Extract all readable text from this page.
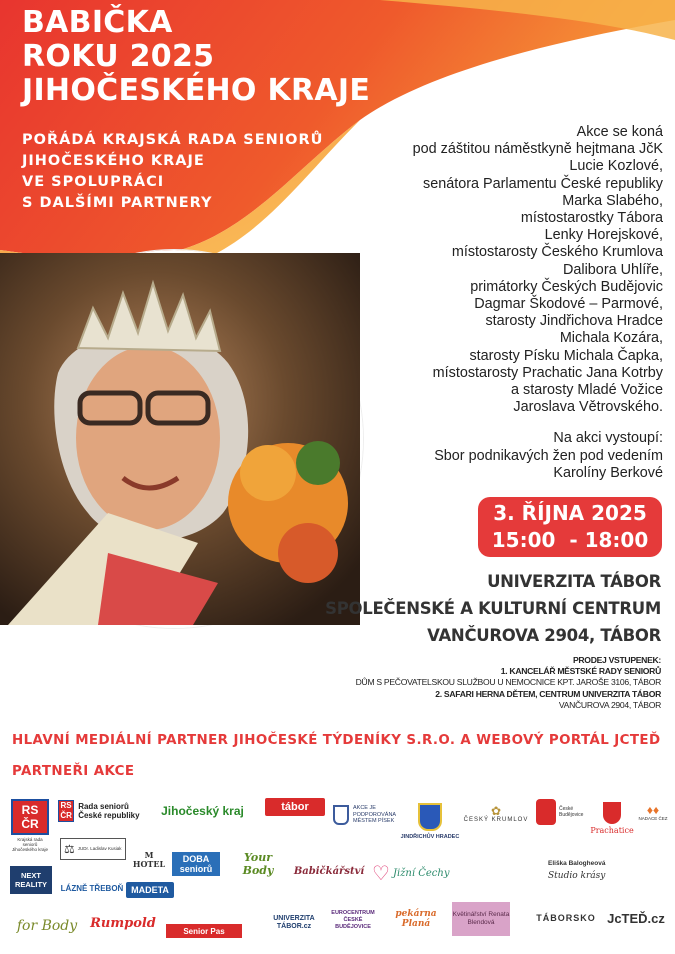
BABIČKA
ROKU 2025
JIHOČESKÉHO KRAJE
POŘÁDÁ KRAJSKÁ RADA SENIORŮ
JIHOČESKÉHO KRAJE
VE SPOLUPRÁCI
S DALŠÍMI PARTNERY
Akce se koná
pod záštitou náměstkyně hejtmana JčK
Lucie Kozlové,
senátora Parlamentu České republiky
Marka Slabého,
místostarostky Tábora
Lenky Horejskové,
místostarosty Českého Krumlova
Dalibora Uhlíře,
primátorky Českých Budějovic
Dagmar Škodové – Parmové,
starosty Jindřichova Hradce
Michala Kozára,
starosty Písku Michala Čapka,
místostarosty Prachatic Jana Kotrby
a starosty Mladé Vožice
Jaroslava Větrovského.
Na akci vystoupí:
Sbor podnikavých žen pod vedením
Karolíny Berkové
3. ŘÍJNA 2025
15:00  - 18:00
UNIVERZITA TÁBOR
SPOLEČENSKÉ A KULTURNÍ CENTRUM
VANČUROVA 2904, TÁBOR
PRODEJ VSTUPENEK:
1. KANCELÁŘ MĚSTSKÉ RADY SENIORŮ
DŮM S PEČOVATELSKOU SLUŽBOU U NEMOCNICE KPT. JAROŠE 3106, TÁBOR
2. SAFARI HERNA DĚTEM, CENTRUM UNIVERZITA TÁBOR
VANČUROVA 2904, TÁBOR
HLAVNÍ MEDIÁLNÍ PARTNER JIHOČESKÉ TÝDENÍKY S.R.O. A WEBOVÝ PORTÁL JCTEĎ
PARTNEŘI AKCE
RS ČR
Krajská rada seniorů Jihočeského kraje
RS ČR
Rada seniorů České republiky	Jihočeský kraj	tábor	AKCE JE PODPOROVÁNA MĚSTEM PÍSEK
JINDŘICHŮV HRADEC
✿
ČESKÝ KRUMLOV
České Budějovice
Prachatice
♦♦
NADACE ČEZ
NEXT REALITY
⚖ JUDr. Ladislav Kusiak
M HOTEL	DOBA seniorů
Your Body	Babičkářství
LÁZNĚ TŘEBOŇ MADETA
♡ Jižní Čechy
Eliška Balogheová
Studio krásy
for Body Rumpold
Senior Pas
UNIVERZITA TÁBOR.cz
EUROCENTRUM ČESKÉ BUDĚJOVICE
pekárna Planá
Květinářství Renata Blendová	TÁBORSKO JcTEĎ.cz
